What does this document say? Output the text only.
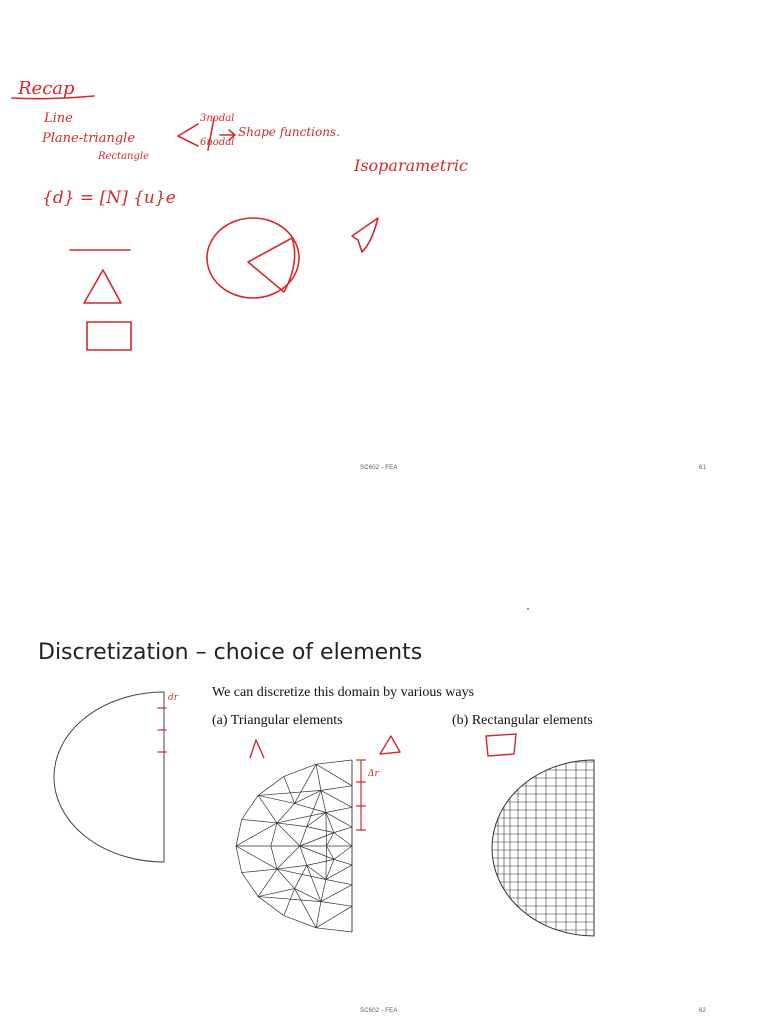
Recap
Line
Plane-triangle
Rectangle
3nodal
6nodal
Shape functions.
Isoparametric
{d} = [N] {u}e
SC602 - FEA	61
Discretization – choice of elements
We can discretize this domain by various ways
(a) Triangular elements	(b) Rectangular elements
dr
Δr
SC602 - FEA	62
